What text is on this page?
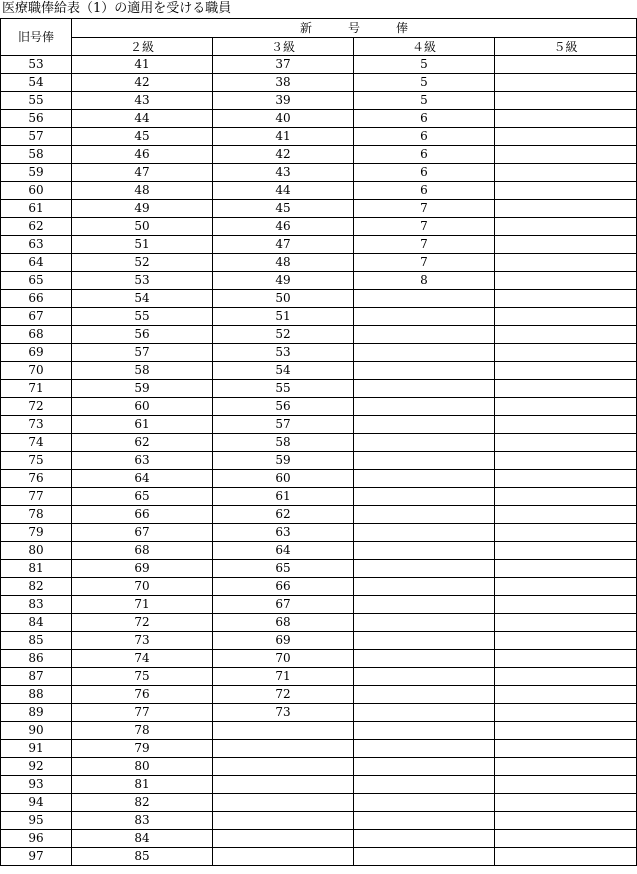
医療職俸給表（1）の適用を受ける職員
旧号俸	新　　　号　　　俸			
	２級	３級	４級	５級
53	41	37	5	
54	42	38	5	
55	43	39	5	
56	44	40	6	
57	45	41	6	
58	46	42	6	
59	47	43	6	
60	48	44	6	
61	49	45	7	
62	50	46	7	
63	51	47	7	
64	52	48	7	
65	53	49	8	
66	54	50		
67	55	51		
68	56	52		
69	57	53		
70	58	54		
71	59	55		
72	60	56		
73	61	57		
74	62	58		
75	63	59		
76	64	60		
77	65	61		
78	66	62		
79	67	63		
80	68	64		
81	69	65		
82	70	66		
83	71	67		
84	72	68		
85	73	69		
86	74	70		
87	75	71		
88	76	72		
89	77	73		
90	78			
91	79			
92	80			
93	81			
94	82			
95	83			
96	84			
97	85			
